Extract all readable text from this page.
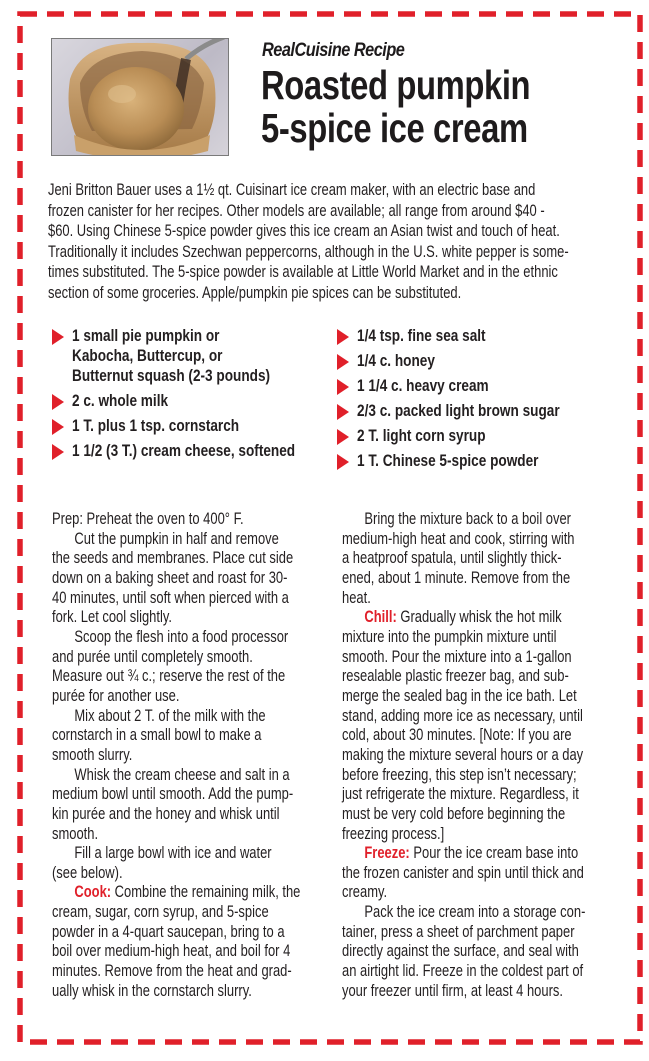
RealCuisine Recipe
Roasted pumpkin
5-spice ice cream
Jeni Britton Bauer uses a 1½ qt. Cuisinart ice cream maker, with an electric base and
frozen canister for her recipes. Other models are available; all range from around $40 -
$60. Using Chinese 5-spice powder gives this ice cream an Asian twist and touch of heat.
Traditionally it includes Szechwan peppercorns, although in the U.S. white pepper is some-
times substituted. The 5-spice powder is available at Little World Market and in the ethnic
section of some groceries. Apple/pumpkin pie spices can be substituted.
1 small pie pumpkin or
Kabocha, Buttercup, or
Butternut squash (2-3 pounds)
2 c. whole milk
1 T. plus 1 tsp. cornstarch
1 1/2 (3 T.) cream cheese, softened
1/4 tsp. fine sea salt
1/4 c. honey
1 1/4 c. heavy cream
2/3 c. packed light brown sugar
2 T. light corn syrup
1 T. Chinese 5-spice powder
Prep: Preheat the oven to 400° F.
Cut the pumpkin in half and remove
the seeds and membranes. Place cut side
down on a baking sheet and roast for 30-
40 minutes, until soft when pierced with a
fork. Let cool slightly.
Scoop the flesh into a food processor
and purée until completely smooth.
Measure out ¾ c.; reserve the rest of the
purée for another use.
Mix about 2 T. of the milk with the
cornstarch in a small bowl to make a
smooth slurry.
Whisk the cream cheese and salt in a
medium bowl until smooth. Add the pump-
kin purée and the honey and whisk until
smooth.
Fill a large bowl with ice and water
(see below).
Cook: Combine the remaining milk, the
cream, sugar, corn syrup, and 5-spice
powder in a 4-quart saucepan, bring to a
boil over medium-high heat, and boil for 4
minutes. Remove from the heat and grad-
ually whisk in the cornstarch slurry.
Bring the mixture back to a boil over
medium-high heat and cook, stirring with
a heatproof spatula, until slightly thick-
ened, about 1 minute. Remove from the
heat.
Chill: Gradually whisk the hot milk
mixture into the pumpkin mixture until
smooth. Pour the mixture into a 1-gallon
resealable plastic freezer bag, and sub-
merge the sealed bag in the ice bath. Let
stand, adding more ice as necessary, until
cold, about 30 minutes. [Note: If you are
making the mixture several hours or a day
before freezing, this step isn’t necessary;
just refrigerate the mixture. Regardless, it
must be very cold before beginning the
freezing process.]
Freeze: Pour the ice cream base into
the frozen canister and spin until thick and
creamy.
Pack the ice cream into a storage con-
tainer, press a sheet of parchment paper
directly against the surface, and seal with
an airtight lid. Freeze in the coldest part of
your freezer until firm, at least 4 hours.
